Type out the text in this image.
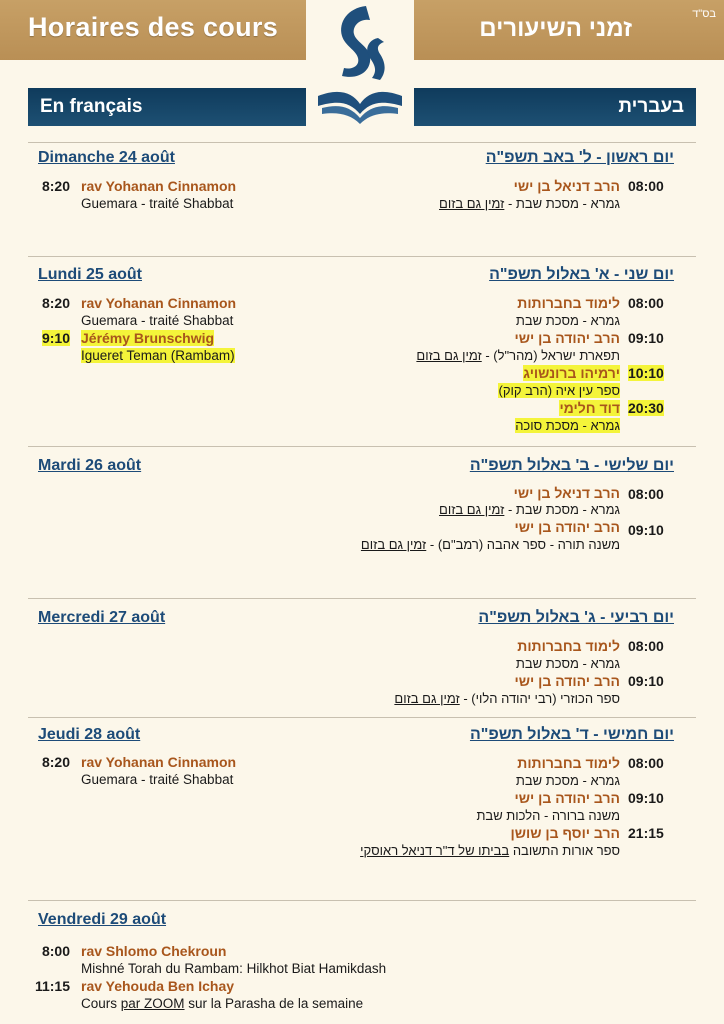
Horaires des cours	זמני השיעורים
בס"ד
En français	בעברית
Dimanche 24 août	יום ראשון - ל' באב תשפ"ה
8:20 rav Yohanan Cinnamon
Guemara - traité Shabbat
08:00
הרב דניאל בן ישי
גמרא - מסכת שבת - זמין גם בזום
Lundi 25 août	יום שני - א' באלול תשפ"ה
8:20 rav Yohanan Cinnamon
Guemara - traité Shabbat
9:10 Jérémy Brunschwig
Igueret Teman (Rambam)
08:00
לימוד בחברותות
גמרא - מסכת שבת
09:10
הרב יהודה בן ישי
תפארת ישראל (מהר"ל) - זמין גם בזום
10:10
ירמיהו ברונשויג
ספר עין איה (הרב קוק)
20:30
דוד חלימי
גמרא - מסכת סוכה
Mardi 26 août	יום שלישי - ב' באלול תשפ"ה
08:00
הרב דניאל בן ישי
גמרא - מסכת שבת - זמין גם בזום
09:10
הרב יהודה בן ישי
משנה תורה - ספר אהבה (רמב"ם) - זמין גם בזום
Mercredi 27 août	יום רביעי - ג' באלול תשפ"ה
08:00
לימוד בחברותות
גמרא - מסכת שבת
09:10
הרב יהודה בן ישי
ספר הכוזרי (רבי יהודה הלוי) - זמין גם בזום
Jeudi 28 août	יום חמישי - ד' באלול תשפ"ה
8:20 rav Yohanan Cinnamon
Guemara - traité Shabbat
08:00
לימוד בחברותות
גמרא - מסכת שבת
09:10
הרב יהודה בן ישי
משנה ברורה - הלכות שבת
21:15
הרב יוסף בן שושן
ספר אורות התשובה בביתו של ד"ר דניאל ראוסקי
Vendredi 29 août
8:00 rav Shlomo Chekroun
Mishné Torah du Rambam: Hilkhot Biat Hamikdash
11:15 rav Yehouda Ben Ichay
Cours par ZOOM sur la Parasha de la semaine
